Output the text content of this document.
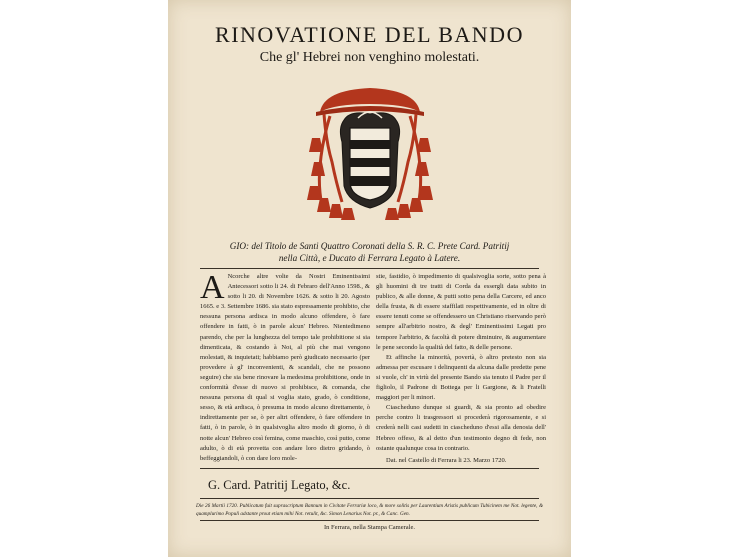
RINOVATIONE DEL BANDO
Che gl' Hebrei non venghino molestati.
GIO: del Titolo de Santi Quattro Coronati della S. R. C. Prete Card. Patritij
nella Città, e Ducato di Ferrara Legato à Latere.
A Ncorche altre volte da Nostri Eminentissimi Antecessori sotto li 24. di Febraro dell'Anno 1598., & sotto li 20. di Novembre 1626. & sotto li 20. Agosto 1665. e 3. Settembre 1686. sia stato espressamente prohibito, che nessuna persona ardisca in modo alcuno offendere, ò fare offendere in fatti, ò in parole alcun' Hebreo. Nientedimeno parendo, che per la lunghezza del tempo tale prohibitione si sia dimenticata, & costando à Noi, al più che mai vengono molestati, & inquietati; habbiamo però giudicato necessario (per provedere à gl' inconvenienti, & scandali, che ne possono seguire) che sia bene rinovare la medesima prohibitione, onde in conformità d'esse di nuovo si prohibisce, & comanda, che nessuna persona di qual si voglia stato, grado, ò conditione, sesso, & età ardisca, ò presuma in modo alcuno direttamente, ò indirettamente per se, ò per altri offendere, ò fare offendere in fatti, ò in parole, ò in qualsivoglia altro modo di giorno, ò di notte alcun' Hebreo così femina, come maschio, così putto, come adulto, ò di età provetta con andare loro dietro gridando, ò beffeggiandoli, ò con dare loro mole-
stie, fastidio, ò impedimento di qualsivoglia sorte, sotto pena à gli huomini di tre tratti di Corda da essergli data subito in publico, & alle donne, & putti sotto pena della Carcere, ed anco della frusta, & di essere staffilati respettivamente, ed in oltre di essere tenuti come se offendessero un Christiano riservando però sempre all'arbitrio nostro, & degl' Eminentissimi Legati pro tempore l'arbitrio, & facoltà di potere diminuire, & augumentare le pene secondo la qualità del fatto, & delle persone.
Et affinche la minorità, povertà, ò altro pretesto non sia admessa per escusare i delinquenti da alcuna dalle predette pene si vuole, ch' in virtù del presente Bando sia tenuto il Padre per il figliolo, il Padrone di Bottega per li Gargione, & li Fratelli maggiori per li minori.
Ciascheduno dunque si guardi, & sia pronto ad obedire perche contro li trasgressori si procederà rigorosamente, e si crederà nelli casi sudetti in ciascheduno d'essi alla denosia dell' Hebreo offeso, & al detto d'un testimonio degno di fede, non ostante qualunque cosa in contrario.
Dat. nel Castello di Ferrara li 23. Marzo 1720.
G. Card. Patritij Legato, &c.
Die 26 Martii 1720. Publicatum fuit suprascriptum Bannum in Civitate Ferrariæ loco, & more solitis per Laurentium Aristis publicum Tubicinem me Not. legente, & quamplurimo Populi adstante prout etiam mihi Not. retulit, &c. Simon Lenarius Not. pr., & Canc. Gen.
In Ferrara, nella Stampa Camerale.
